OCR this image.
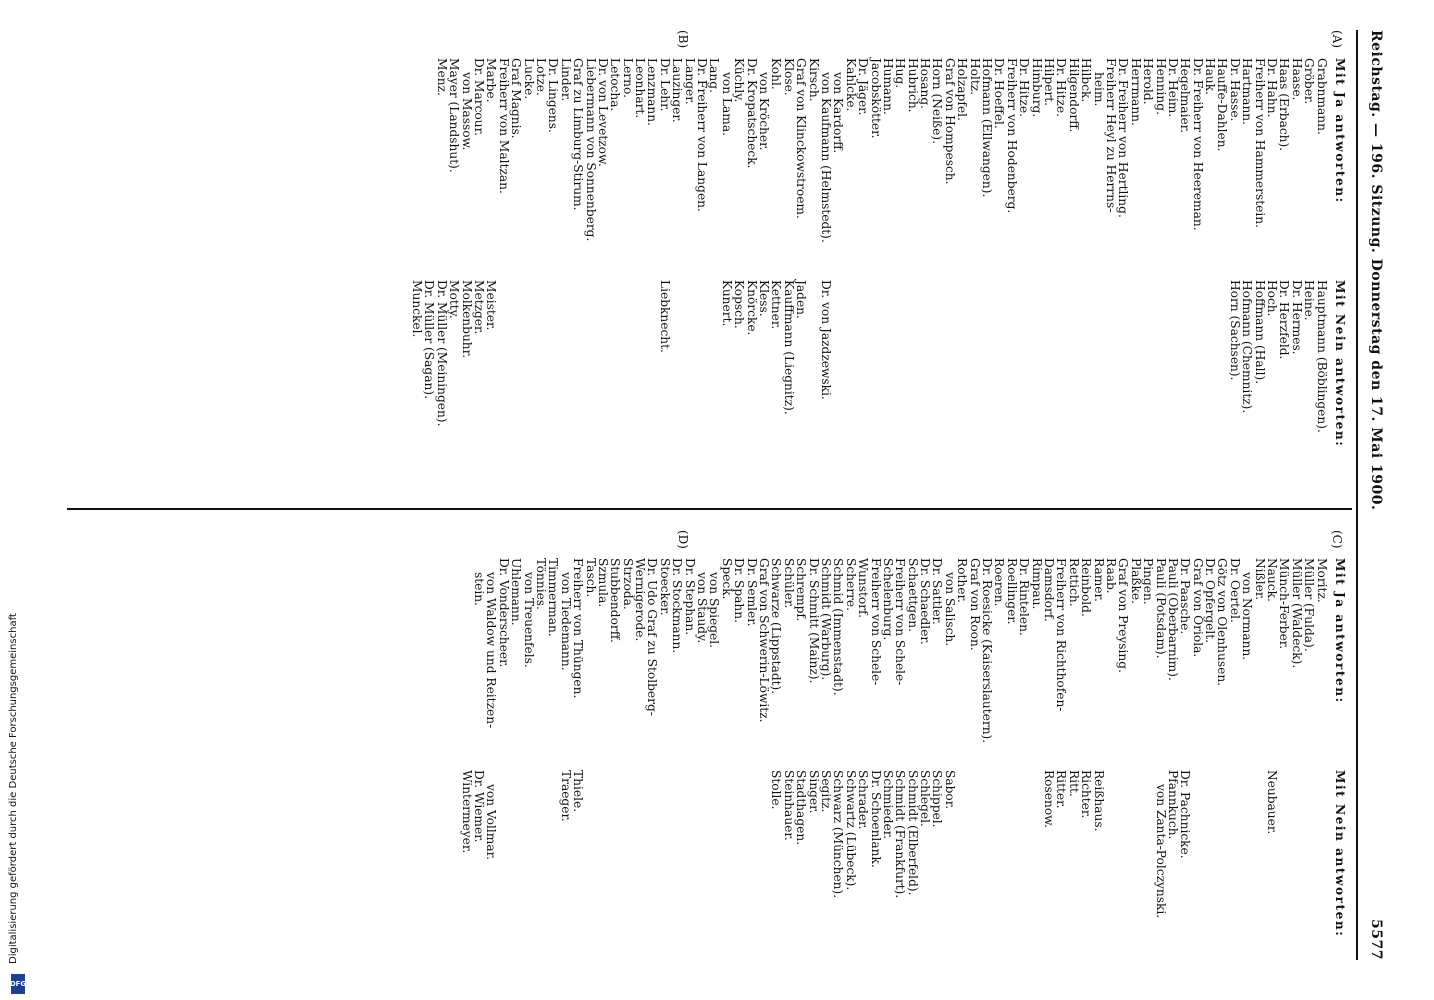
Reichstag. — 196. Sitzung. Donnerstag den 17. Mai 1900.
5577
(A)
(B)
(C)
(D)
Mit Ja antworten:
Grabnmann.
Gröber.
Haase.
Haas (Erbach).
Dr. Hahn.
Freiherr von Hammerstein.
Hartmann.
Dr. Hasse.
Hauffe-Dahlen.
Hauk.
Dr. Freiherr von Heereman.
Hegelmaier.
Dr. Heim.
Henning.
Herold.
Herrmann.
Dr. Freiherr von Hertling.
Freiherr Heyl zu Herrns-
heim.
Hilbck.
Hilgendorff.
Dr. Hitze.
Hilpert.
Himburg.
Dr. Hitze.
Freiherr von Hodenberg.
Dr. Hoeffel.
Hofmann (Ellwangen).
Holtz.
Holzapfel.
Graf von Hompesch.
Horn (Neiße).
Hosang.
Hubrich.
Hug.
Humann.
Jacobskötter.
Dr. Jäger.
Kahlcke.
von Kardorff.
von Kaufmann (Helmstedt).
Kirsch.
Graf von Klinckowstroem.
Klose.
Kohl.
von Kröcher.
Dr. Kropatscheck.
Küchly.
von Lama.
Lang.
Dr. Freiherr von Langen.
Langer.
Lauzinger.
Dr. Lehr.
Lenzmann.
Leonhart.
Lerno.
Letocha.
Dr. von Levetzow.
Liebermann von Sonnenberg.
Graf zu Limburg-Stirum.
Linder.
Dr. Lingens.
Lotze.
Lucke.
Graf Magnis.
Freiherr von Maltzan.
Marbe.
Dr. Marcour.
von Massow.
Mayer (Landshut).
Menz.
Mit Nein antworten:
Hauptmann (Böblingen).
Heine.
Dr. Hermes.
Dr. Herzfeld.
Hoch.
Hoffmann (Hall).
Hofmann (Chemnitz).
Horn (Sachsen).
Dr. von Jazdzewski.
Jaden.
Kauffmann (Liegnitz).
Kettner.
Kless.
Knörcke.
Kopsch.
Kunert.
Liebknecht.
Meister.
Metzger.
Molkenbuhr.
Motty.
Dr. Müller (Meiningen).
Dr. Müller (Sagan).
Munckel.
Mit Ja antworten:
Moritz.
Müller (Fulda).
Müller (Waldeck).
Münch-Ferber.
Nauck.
Nißler.
von Normann.
Dr. Oertel.
Götz von Olenhusen.
Dr. Opfergelt.
Graf von Oriola.
Dr. Paasche.
Pauli (Oberbarnim).
Pauli (Potsdam).
Pingen.
Plaßke.
Graf von Preysing.
Raab.
Ramer.
Reinbold.
Rettich.
Freiherr von Richthofen-
Damsdorf.
Rimpau.
Dr. Rintelen.
Roellinger.
Roeren.
Dr. Roesicke (Kaiserslautern).
Graf von Roon.
Rother.
von Salisch.
Dr. Sattler.
Dr. Schaedler.
Schaettgen.
Freiherr von Schele-
Schelenburg.
Freiherr von Schele-
Wunstorf.
Scherre.
Schmid (Immenstadt).
Schmidt (Warburg).
Dr. Schmitt (Mainz).
Schrempf.
Schüler.
Schwarze (Lippstadt).
Graf von Schwerin-Löwitz.
Dr. Semler.
Dr. Spahn.
Speck.
von Spiegel.
von Staudy.
Dr. Stephan.
Dr. Stockmann.
Stoecker.
Dr. Udo Graf zu Stolberg-
Wernigerode.
Strzoda.
Stubbendorff.
Szmula.
Tasch.
Freiherr von Thüngen.
von Tiedemann.
Timmerman.
Tönnies.
von Treuenfels.
Uhlemann.
Dr. Vonderscheer.
von Waldow und Reitzen-
stein.
Mit Nein antworten:
Neubauer.
Dr. Pachnicke.
Pfannkuch.
von Zanta-Polczynski.
Reißhaus.
Richter.
Ritt.
Ritter.
Rosenow.
Sabor.
Schippel.
Schlegel.
Schmidt (Elberfeld).
Schmidt (Frankfurt).
Schmieder.
Dr. Schoenlank.
Schrader.
Schwartz (Lübeck).
Schwarz (München).
Segitz.
Singer.
Stadthagen.
Steinhauer.
Stolle.
Thiele.
Traeger.
von Vollmar.
Dr. Wiemer.
Wintermeyer.
DFG
Digitalisierung gefördert durch die Deutsche Forschungsgemeinschaft
